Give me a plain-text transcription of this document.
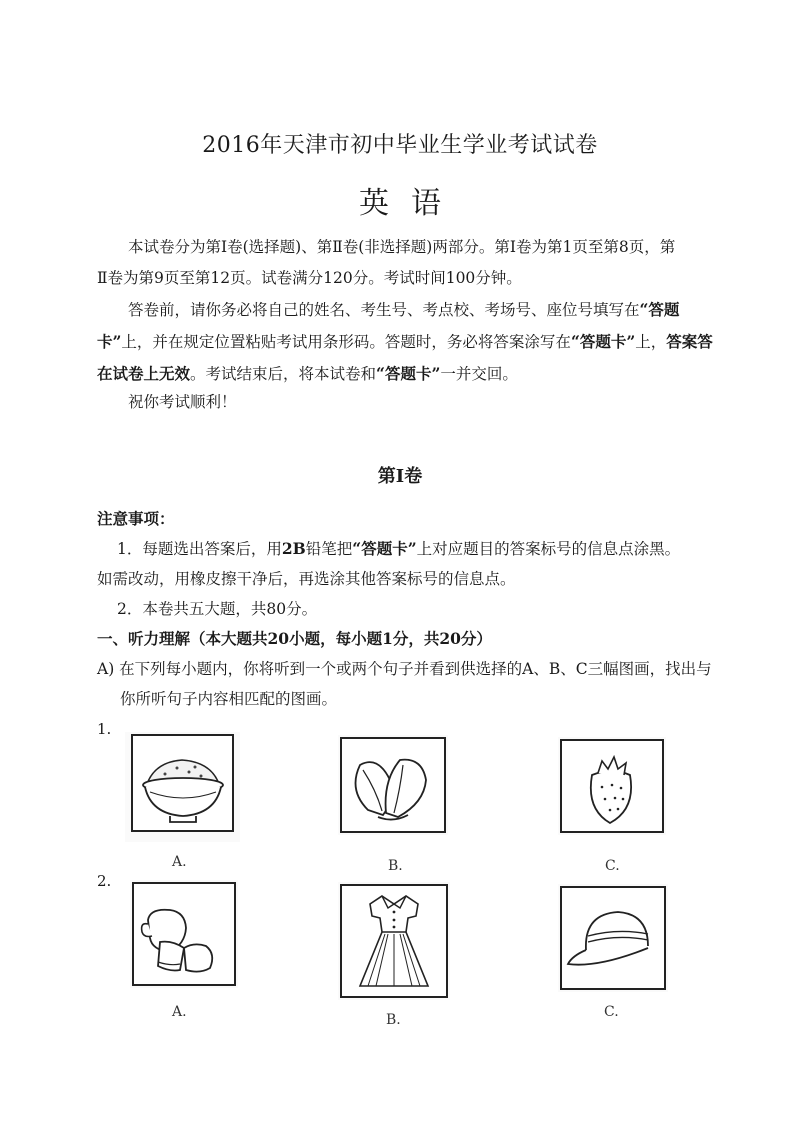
2016年天津市初中毕业生学业考试试卷
英语
本试卷分为第Ⅰ卷(选择题)、第Ⅱ卷(非选择题)两部分。第Ⅰ卷为第1页至第8页，第
Ⅱ卷为第9页至第12页。试卷满分120分。考试时间100分钟。
答卷前，请你务必将自己的姓名、考生号、考点校、考场号、座位号填写在“答题卡”上，并在规定位置粘贴考试用条形码。答题时，务必将答案涂写在“答题卡”上，答案答在试卷上无效。考试结束后，将本试卷和“答题卡”一并交回。
祝你考试顺利！
第Ⅰ卷
注意事项：
1．每题选出答案后，用2B铅笔把“答题卡”上对应题目的答案标号的信息点涂黑。
如需改动，用橡皮擦干净后，再选涂其他答案标号的信息点。
2．本卷共五大题，共80分。
一、听力理解（本大题共20小题，每小题1分，共20分）
A) 在下列每小题内，你将听到一个或两个句子并看到供选择的A、B、C三幅图画，找出与
你所听句子内容相匹配的图画。
1.
A.	B.	C.
2.
A.	B.	C.
